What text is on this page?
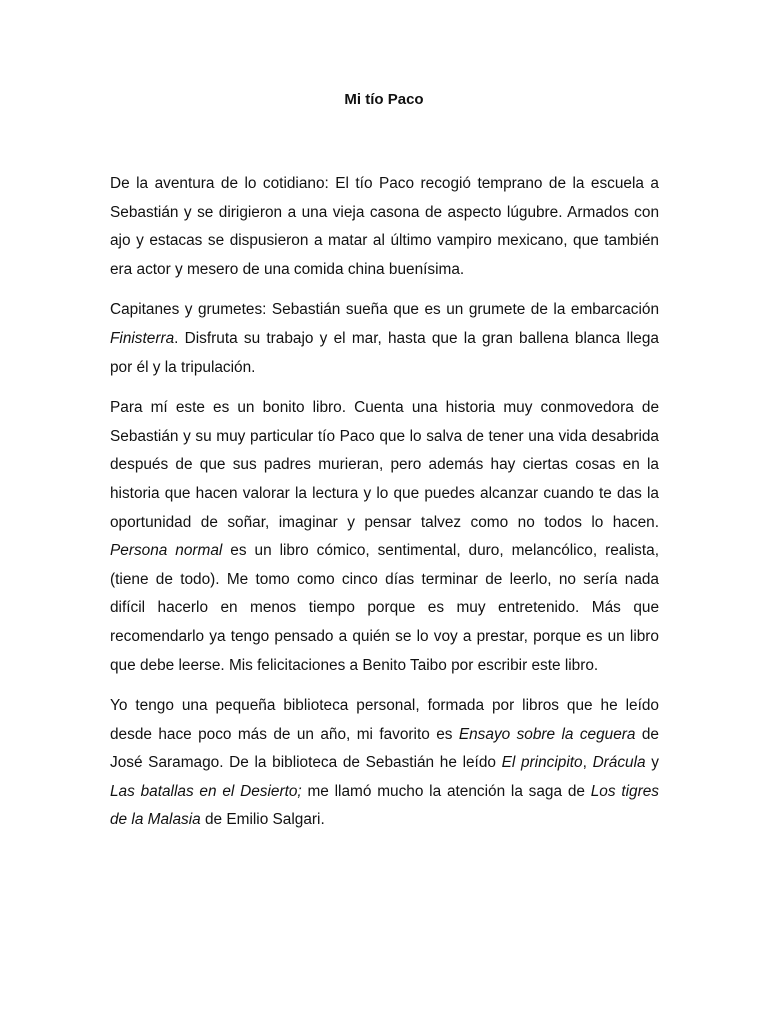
Mi tío Paco

De la aventura de lo cotidiano: El tío Paco recogió temprano de la escuela a Sebastián y se dirigieron a una vieja casona de aspecto lúgubre. Armados con ajo y estacas se dispusieron a matar al último vampiro mexicano, que también era actor y mesero de una comida china buenísima.

Capitanes y grumetes: Sebastián sueña que es un grumete de la embarcación Finisterra. Disfruta su trabajo y el mar, hasta que la gran ballena blanca llega por él y la tripulación.

Para mí este es un bonito libro. Cuenta una historia muy conmovedora de Sebastián y su muy particular tío Paco que lo salva de tener una vida desabrida después de que sus padres murieran, pero además hay ciertas cosas en la historia que hacen valorar la lectura y lo que puedes alcanzar cuando te das la oportunidad de soñar, imaginar y pensar talvez como no todos lo hacen. Persona normal es un libro cómico, sentimental, duro, melancólico, realista, (tiene de todo). Me tomo como cinco días terminar de leerlo, no sería nada difícil hacerlo en menos tiempo porque es muy entretenido. Más que recomendarlo ya tengo pensado a quién se lo voy a prestar, porque es un libro que debe leerse. Mis felicitaciones a Benito Taibo por escribir este libro.

Yo tengo una pequeña biblioteca personal, formada por libros que he leído desde hace poco más de un año, mi favorito es Ensayo sobre la ceguera de José Saramago. De la biblioteca de Sebastián he leído El principito, Drácula y Las batallas en el Desierto; me llamó mucho la atención la saga de Los tigres de la Malasia de Emilio Salgari.
